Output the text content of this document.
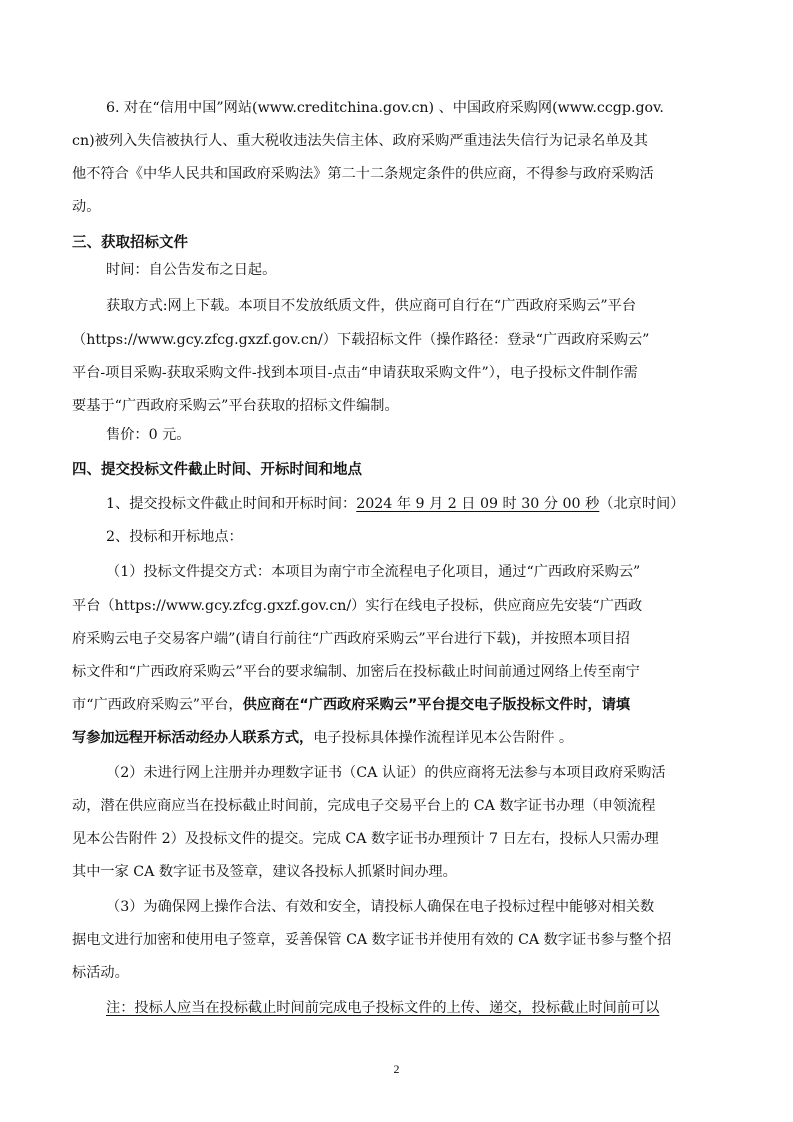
6. 对在“信用中国”网站(www.creditchina.gov.cn) 、中国政府采购网(www.ccgp.gov.
cn)被列入失信被执行人、重大税收违法失信主体、政府采购严重违法失信行为记录名单及其
他不符合《中华人民共和国政府采购法》第二十二条规定条件的供应商，不得参与政府采购活
动。
三、获取招标文件
时间：自公告发布之日起。
获取方式:网上下载。本项目不发放纸质文件，供应商可自行在“广西政府采购云”平台
（https://www.gcy.zfcg.gxzf.gov.cn/）下载招标文件（操作路径：登录“广西政府采购云”
平台-项目采购-获取采购文件-找到本项目-点击“申请获取采购文件”），电子投标文件制作需
要基于“广西政府采购云”平台获取的招标文件编制。
售价：0 元。
四、提交投标文件截止时间、开标时间和地点
1、提交投标文件截止时间和开标时间：2024 年 9 月 2 日 09 时 30 分 00 秒（北京时间）
2、投标和开标地点：
（1）投标文件提交方式：本项目为南宁市全流程电子化项目，通过“广西政府采购云”
平台（https://www.gcy.zfcg.gxzf.gov.cn/）实行在线电子投标，供应商应先安装“广西政
府采购云电子交易客户端”(请自行前往“广西政府采购云”平台进行下载)，并按照本项目招
标文件和“广西政府采购云”平台的要求编制、加密后在投标截止时间前通过网络上传至南宁
市“广西政府采购云”平台，供应商在“广西政府采购云”平台提交电子版投标文件时，请填
写参加远程开标活动经办人联系方式，电子投标具体操作流程详见本公告附件 。
（2）未进行网上注册并办理数字证书（CA 认证）的供应商将无法参与本项目政府采购活
动，潜在供应商应当在投标截止时间前，完成电子交易平台上的 CA 数字证书办理（申领流程
见本公告附件 2）及投标文件的提交。完成 CA 数字证书办理预计 7 日左右，投标人只需办理
其中一家 CA 数字证书及签章，建议各投标人抓紧时间办理。
（3）为确保网上操作合法、有效和安全，请投标人确保在电子投标过程中能够对相关数
据电文进行加密和使用电子签章，妥善保管 CA 数字证书并使用有效的 CA 数字证书参与整个招
标活动。
注：投标人应当在投标截止时间前完成电子投标文件的上传、递交，投标截止时间前可以
2
